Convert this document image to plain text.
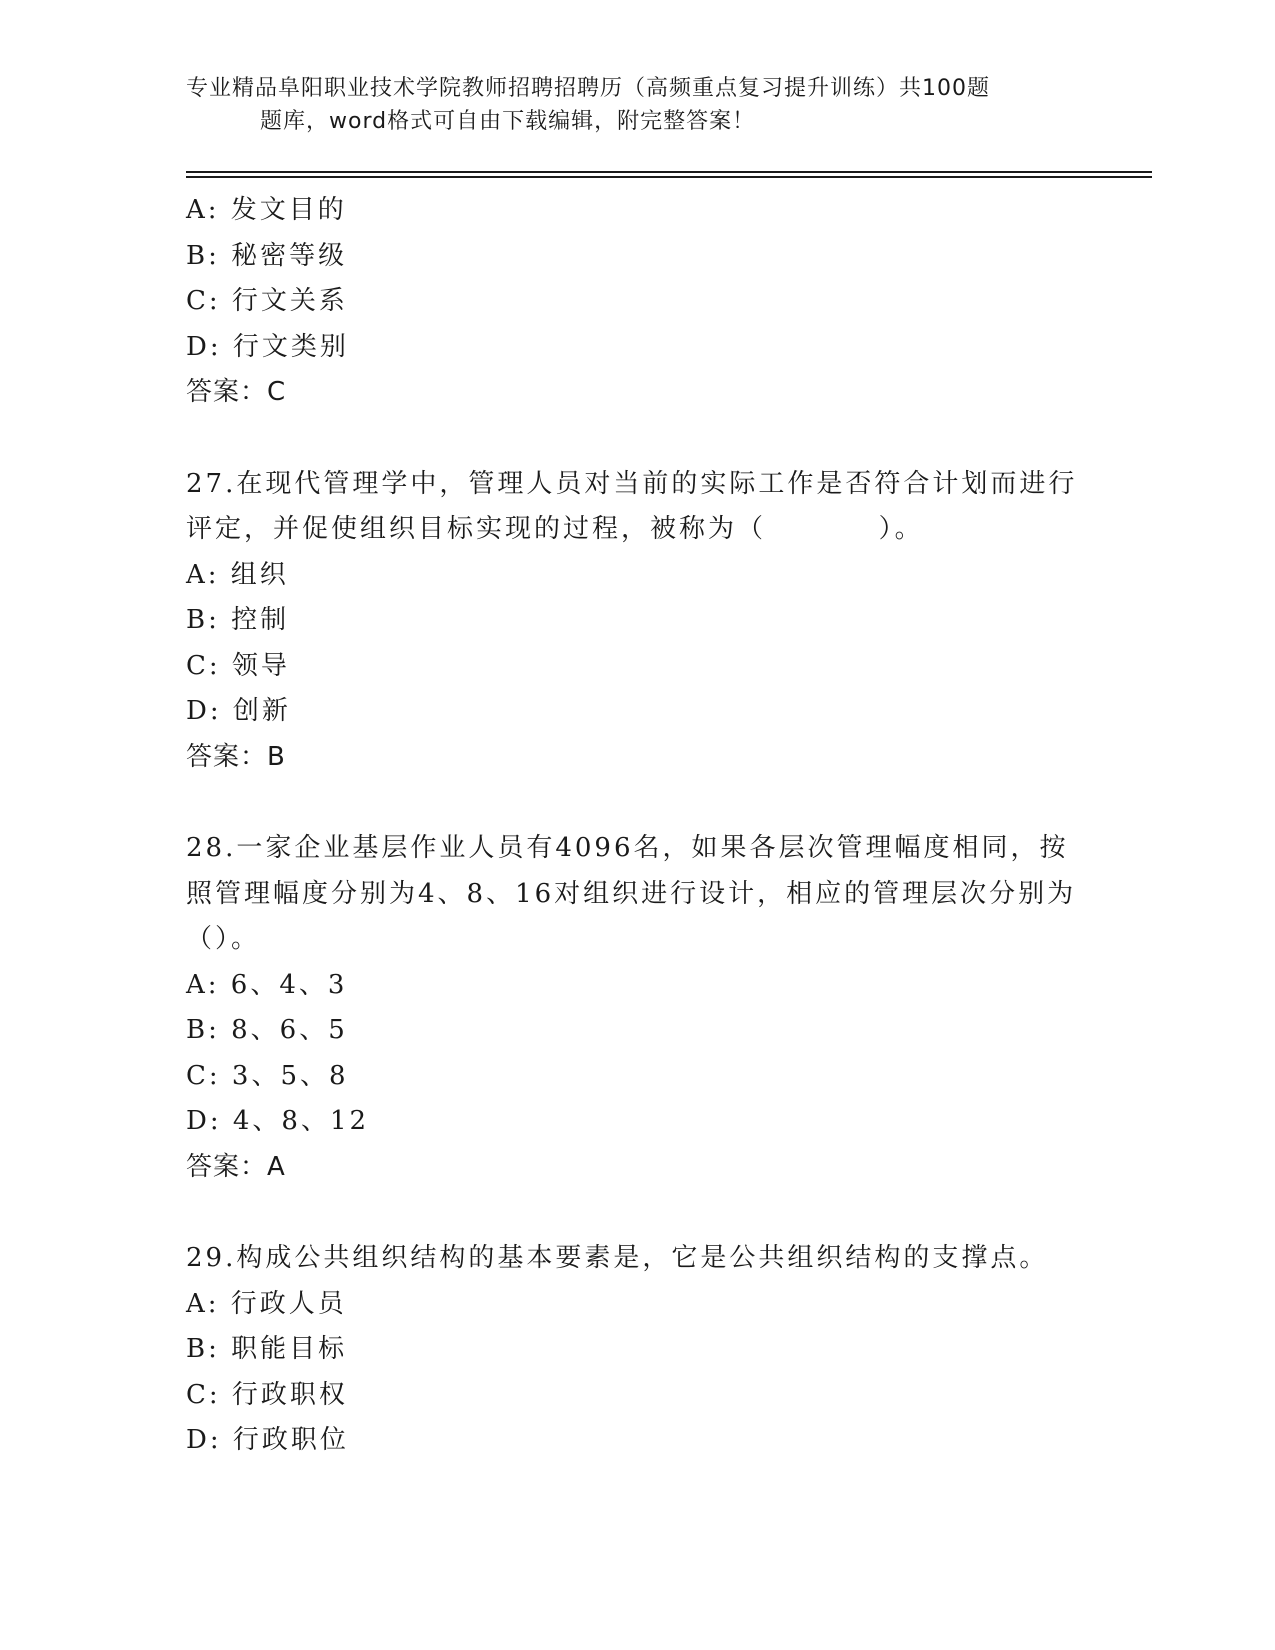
专业精品阜阳职业技术学院教师招聘招聘历（高频重点复习提升训练）共100题
题库，word格式可自由下载编辑，附完整答案！
A: 发文目的
B: 秘密等级
C: 行文关系
D: 行文类别
答案：C
27.在现代管理学中，管理人员对当前的实际工作是否符合计划而进行
评定，并促使组织目标实现的过程，被称为（          ）。
A: 组织
B: 控制
C: 领导
D: 创新
答案：B
28.一家企业基层作业人员有4096名，如果各层次管理幅度相同，按
照管理幅度分别为4、8、16对组织进行设计，相应的管理层次分别为
（）。
A: 6、4、3
B: 8、6、5
C: 3、5、8
D: 4、8、12
答案：A
29.构成公共组织结构的基本要素是，它是公共组织结构的支撑点。
A: 行政人员
B: 职能目标
C: 行政职权
D: 行政职位
